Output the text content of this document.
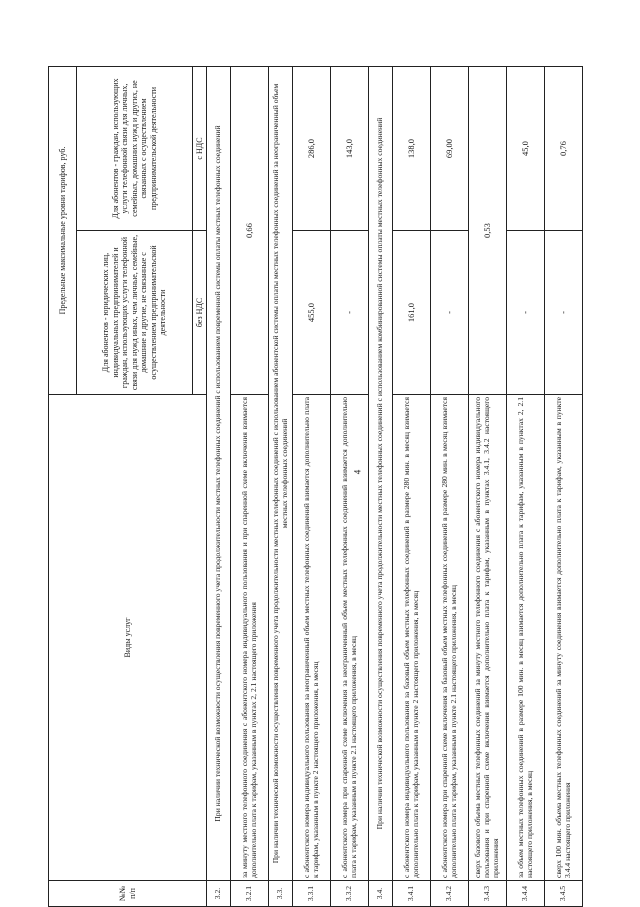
4
№№ п/п	Виды услуг	Предельные максимальные уровни тарифов, руб.	
		Для абонентов - юридических лиц, индивидуальных предпринимателей и граждан, использующих услуги телефонной связи для нужд иных, чем личные, семейные, домашние и другие, не связанные с осуществлением предпринимательской деятельности	Для абонентов - граждан, использующих услуги телефонной связи для личных, семейных, домашних нужд и других, не связанных с осуществлением предпринимательской деятельности
		без НДС	с НДС
3.2.	При наличии технической возможности осуществления повременного учета продолжительности местных телефонных соединений с использованием повременной системы оплаты местных телефонных соединений		
3.2.1	за минуту местного телефонного соединения с абонентского номера индивидуального пользования и при спаренной схеме включения взимается дополнительно плата к тарифам, указанным в пунктах 2, 2.1 настоящего приложения	0,66	
3.3.	При наличии технической возможности осуществления повременного учета продолжительности местных телефонных соединений с использованием абонентской системы оплаты местных телефонных соединений за неограниченный объем местных телефонных соединений		
3.3.1	с абонентского номера индивидуального пользования за неограниченный объем местных телефонных соединений взимается дополнительно плата к тарифам, указанным в пункте 2 настоящего приложения, в месяц	455,0	286,0
3.3.2	с абонентского номера при спаренной схеме включения за неограниченный объем местных телефонных соединений взимается дополнительно плата к тарифам, указанным в пункте 2.1 настоящего приложения, в месяц	-	143,0
3.4.	При наличии технической возможности осуществления повременного учета продолжительности местных телефонных соединений с использованием комбинированной системы оплаты местных телефонных соединений		
3.4.1	с абонентского номера индивидуального пользования за базовый объем местных телефонных соединений в размере 280 мин. в месяц взимается дополнительно плата к тарифам, указанным в пункте 2 настоящего приложения, в месяц	161,0	138,0
3.4.2	с абонентского номера при спаренной схеме включения за базовый объем местных телефонных соединений в размере 280 мин. в месяц взимается дополнительно плата к тарифам, указанным в пункте 2.1 настоящего приложения, в месяц	-	69,00
3.4.3	сверх базового объема местных телефонных соединений за минуту местного телефонного соединения с абонентского номера индивидуального пользования и при спаренной схеме включения взимается дополнительно плата к тарифам, указанным в пунктах 3.4.1, 3.4.2 настоящего приложения	0,53	
3.4.4	за объем местных телефонных соединений в размере 100 мин. в месяц взимается дополнительно плата к тарифам, указанным в пунктах 2, 2.1 настоящего приложения, в месяц	-	45,0
3.4.5	сверх 100 мин. объема местных телефонных соединений за минуту соединения взимается дополнительно плата к тарифам, указанным в пункте 3.4.4 настоящего приложения	-	0,76
